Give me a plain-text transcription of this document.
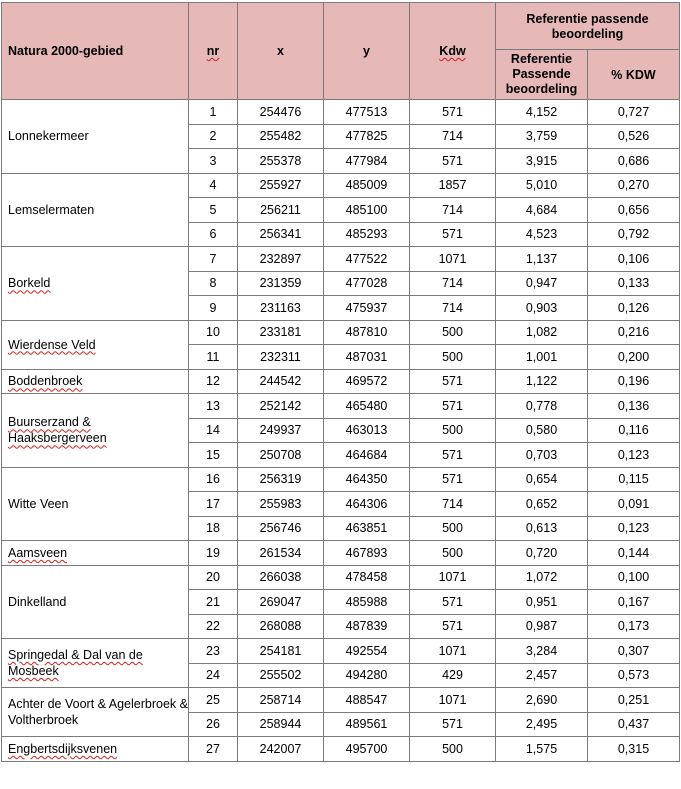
Natura 2000-gebied	nr	x	y	Kdw	Referentie passende beoordeling	
					Referentie Passende beoordeling	% KDW
Lonnekermeer	1	254476	477513	571	4,152	0,727
	2	255482	477825	714	3,759	0,526
	3	255378	477984	571	3,915	0,686
Lemselermaten	4	255927	485009	1857	5,010	0,270
	5	256211	485100	714	4,684	0,656
	6	256341	485293	571	4,523	0,792
Borkeld	7	232897	477522	1071	1,137	0,106
	8	231359	477028	714	0,947	0,133
	9	231163	475937	714	0,903	0,126
Wierdense Veld	10	233181	487810	500	1,082	0,216
	11	232311	487031	500	1,001	0,200
Boddenbroek	12	244542	469572	571	1,122	0,196
Buurserzand & Haaksbergerveen	13	252142	465480	571	0,778	0,136
	14	249937	463013	500	0,580	0,116
	15	250708	464684	571	0,703	0,123
Witte Veen	16	256319	464350	571	0,654	0,115
	17	255983	464306	714	0,652	0,091
	18	256746	463851	500	0,613	0,123
Aamsveen	19	261534	467893	500	0,720	0,144
Dinkelland	20	266038	478458	1071	1,072	0,100
	21	269047	485988	571	0,951	0,167
	22	268088	487839	571	0,987	0,173
Springedal & Dal van de Mosbeek	23	254181	492554	1071	3,284	0,307
	24	255502	494280	429	2,457	0,573
Achter de Voort & Agelerbroek & Voltherbroek	25	258714	488547	1071	2,690	0,251
	26	258944	489561	571	2,495	0,437
Engbertsdijksvenen	27	242007	495700	500	1,575	0,315
